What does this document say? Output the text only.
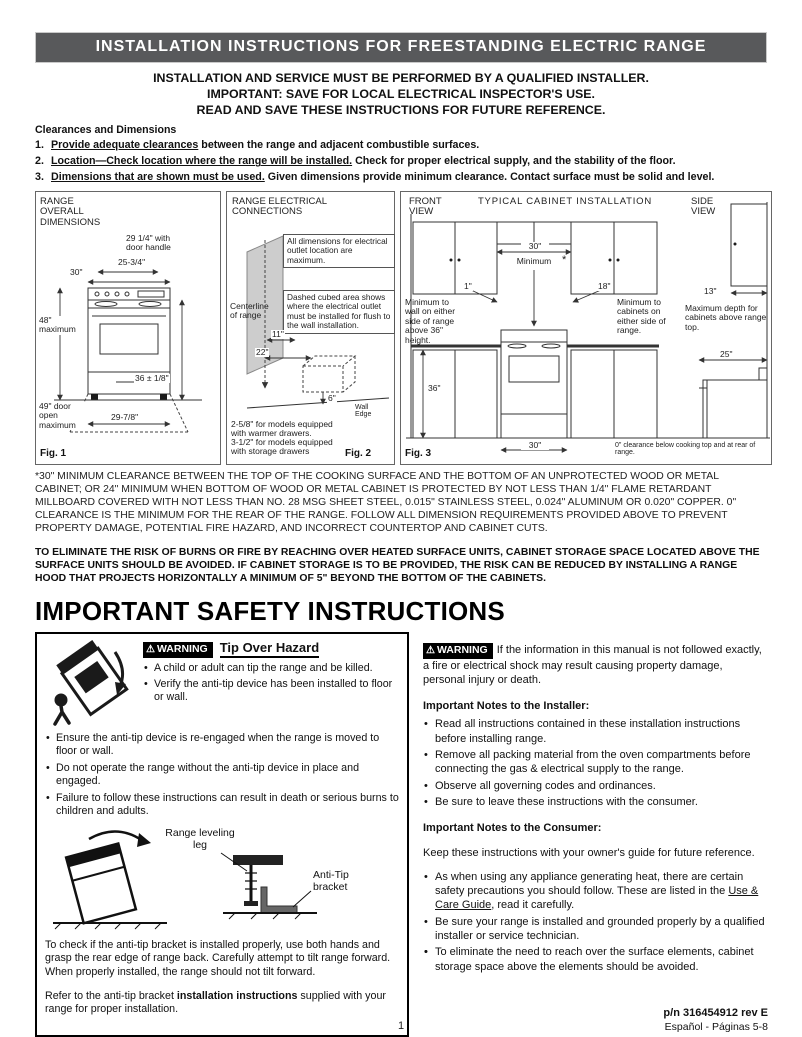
INSTALLATION INSTRUCTIONS FOR FREESTANDING ELECTRIC RANGE
INSTALLATION AND SERVICE MUST BE PERFORMED BY A QUALIFIED INSTALLER.
IMPORTANT: SAVE FOR LOCAL ELECTRICAL INSPECTOR'S USE.
READ AND SAVE THESE INSTRUCTIONS FOR FUTURE REFERENCE.
Clearances and Dimensions
1. Provide adequate clearances between the range and adjacent combustible surfaces.
2. Location—Check location where the range will be installed. Check for proper electrical supply, and the stability of the floor.
3. Dimensions that are shown must be used. Given dimensions provide minimum clearance. Contact surface must be solid and level.
RANGE OVERALL DIMENSIONS
29 1/4" with door handle
25-3/4"
30"
48" maximum
36 ± 1/8"
49" door open maximum
29-7/8"
Fig. 1
RANGE ELECTRICAL CONNECTIONS
All dimensions for electrical outlet location are maximum.
Dashed cubed area shows where the electrical outlet must be installed for flush to the wall installation.
Centerline of range
11"
22"
6"
Wall Edge
2-5/8" for models equipped with warmer drawers.
3-1/2" for models equipped with storage drawers	Fig. 2
FRONT VIEW
TYPICAL CABINET INSTALLATION	SIDE VIEW
30"
Minimum *
1"	18"
Minimum to wall on either side of range above 36" height.
Minimum to cabinets on either side of range.
36"
30"	0" clearance below cooking top and at rear of range.
13"
Maximum depth for cabinets above range top.
25"
Fig. 3

*30" MINIMUM CLEARANCE BETWEEN THE TOP OF THE COOKING SURFACE AND THE BOTTOM OF AN UNPROTECTED WOOD OR METAL CABINET; OR 24" MINIMUM WHEN BOTTOM OF WOOD OR METAL CABINET IS PROTECTED BY NOT LESS THAN 1/4" FLAME RETARDANT MILLBOARD COVERED WITH NOT LESS THAN NO. 28 MSG SHEET STEEL, 0.015" STAINLESS STEEL, 0.024" ALUMINUM OR 0.020" COPPER. 0" CLEARANCE IS THE MINIMUM FOR THE REAR OF THE RANGE. FOLLOW ALL DIMENSION REQUIREMENTS PROVIDED ABOVE TO PREVENT PROPERTY DAMAGE, POTENTIAL FIRE HAZARD, AND INCORRECT COUNTERTOP AND CABINET CUTS.

TO ELIMINATE THE RISK OF BURNS OR FIRE BY REACHING OVER HEATED SURFACE UNITS, CABINET STORAGE SPACE LOCATED ABOVE THE SURFACE UNITS SHOULD BE AVOIDED. IF CABINET STORAGE IS TO BE PROVIDED, THE RISK CAN BE REDUCED BY INSTALLING A RANGE HOOD THAT PROJECTS HORIZONTALLY A MINIMUM OF 5" BEYOND THE BOTTOM OF THE CABINETS.

IMPORTANT SAFETY INSTRUCTIONS
⚠ WARNING Tip Over Hazard
• A child or adult can tip the range and be killed.
• Verify the anti-tip device has been installed to floor or wall.
• Ensure the anti-tip device is re-engaged when the range is moved to floor or wall.
• Do not operate the range without the anti-tip device in place and engaged.
• Failure to follow these instructions can result in death or serious burns to children and adults.
Range leveling leg
Anti-Tip bracket

To check if the anti-tip bracket is installed properly, use both hands and grasp the rear edge of range back. Carefully attempt to tilt range forward. When properly installed, the range should not tilt forward.

Refer to the anti-tip bracket installation instructions supplied with your range for proper installation.

⚠ WARNING If the information in this manual is not followed exactly, a fire or electrical shock may result causing property damage, personal injury or death.

Important Notes to the Installer:
• Read all instructions contained in these installation instructions before installing range.
• Remove all packing material from the oven compartments before connecting the gas & electrical supply to the range.
• Observe all governing codes and ordinances.
• Be sure to leave these instructions with the consumer.
Important Notes to the Consumer:

Keep these instructions with your owner's guide for future reference.

• As when using any appliance generating heat, there are certain safety precautions you should follow. These are listed in the Use & Care Guide, read it carefully.
• Be sure your range is installed and grounded properly by a qualified installer or service technician.
• To eliminate the need to reach over the surface elements, cabinet storage space above the elements should be avoided.
1
p/n 316454912 rev E
Español - Páginas 5-8
